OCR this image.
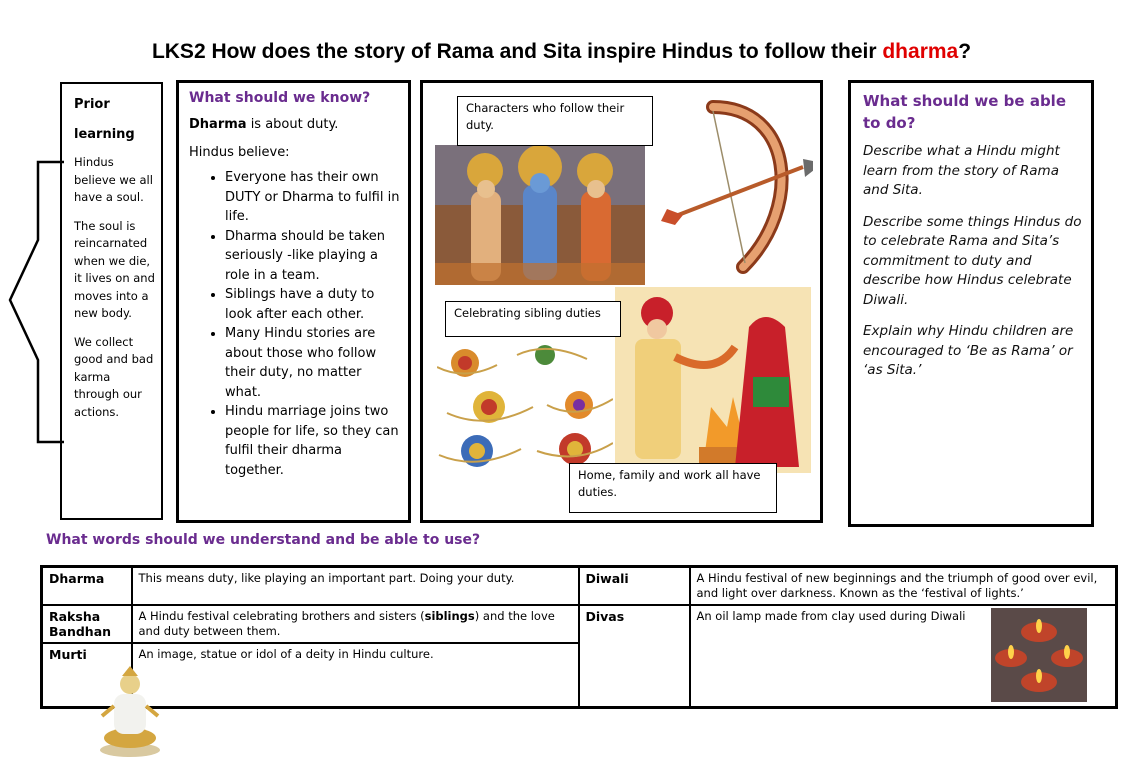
LKS2 How does the story of Rama and Sita inspire Hindus to follow their dharma?
Prior
learning

Hindus believe we all have a soul.

The soul is reincarnated when we die, it lives on and moves into a new body.

We collect good and bad karma through our actions.

What should we know?

Dharma is about duty.

Hindus believe:

• Everyone has their own DUTY or Dharma to fulfil in life.
• Dharma should be taken seriously -like playing a role in a team.
• Siblings have a duty to look after each other.
• Many Hindu stories are about those who follow their duty, no matter what.
• Hindu marriage joins two people for life, so they can fulfil their dharma together.
Characters who follow their duty.
Celebrating sibling duties
Home, family and work all have duties.
What should we be able to do?

Describe what a Hindu might learn from the story of Rama and Sita.

Describe some things Hindus do to celebrate Rama and Sita’s commitment to duty and describe how Hindus celebrate Diwali.

Explain why Hindu children are encouraged to ‘Be as Rama’ or ‘as Sita.’

What words should we understand and be able to use?
Dharma	This means duty, like playing an important part. Doing your duty.	Diwali	A Hindu festival of new beginnings and the triumph of good over evil, and light over darkness. Known as the ‘festival of lights.’
Raksha Bandhan	A Hindu festival celebrating brothers and sisters (siblings) and the love and duty between them.	Divas	An oil lamp made from clay used during Diwali

Murti	An image, statue or idol of a deity in Hindu culture.		
